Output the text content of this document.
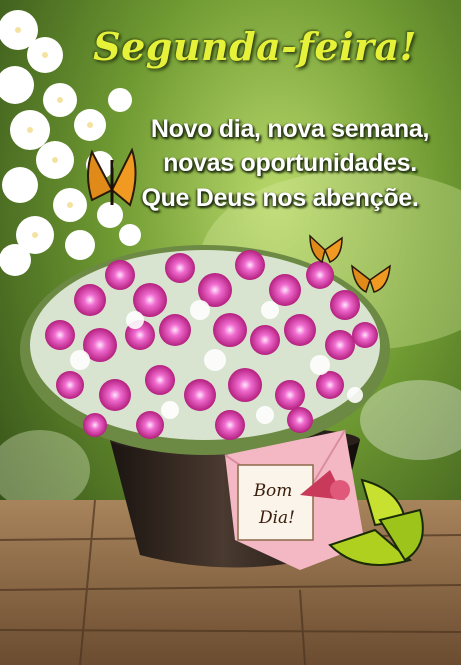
Segunda-feira!
Novo dia, nova semana,
novas oportunidades.
Que Deus nos abençõe.
Bom
Dia!
